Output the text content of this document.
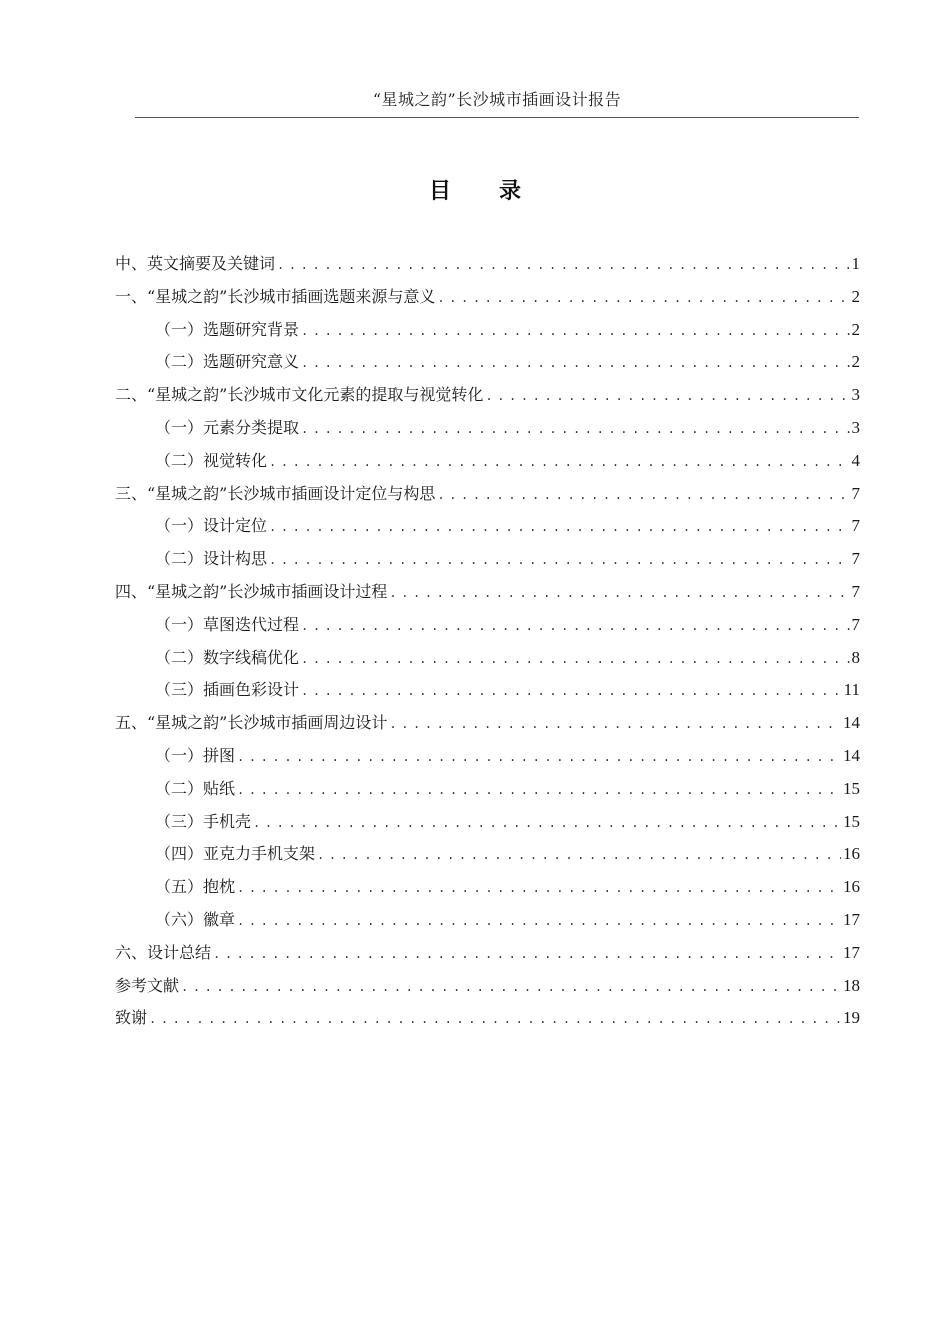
“星城之韵”长沙城市插画设计报告
目 录
中、英文摘要及关键词 .....	1
一、“星城之韵”长沙城市插画选题来源与意义 .....	2
（一）选题研究背景 .....	2
（二）选题研究意义 .....	2
二、“星城之韵”长沙城市文化元素的提取与视觉转化 .....	3
（一）元素分类提取 .....	3
（二）视觉转化 .....	4
三、“星城之韵”长沙城市插画设计定位与构思 .....	7
（一）设计定位 .....	7
（二）设计构思 .....	7
四、“星城之韵”长沙城市插画设计过程 .....	7
（一）草图迭代过程 .....	7
（二）数字线稿优化 .....	8
（三）插画色彩设计 .....	11
五、“星城之韵”长沙城市插画周边设计 .....	14
（一）拼图 .....	14
（二）贴纸 .....	15
（三）手机壳 .....	15
（四）亚克力手机支架 .....	16
（五）抱枕 .....	16
（六）徽章 .....	17
六、设计总结 .....	17
参考文献 .....	18
致谢 .....	19
